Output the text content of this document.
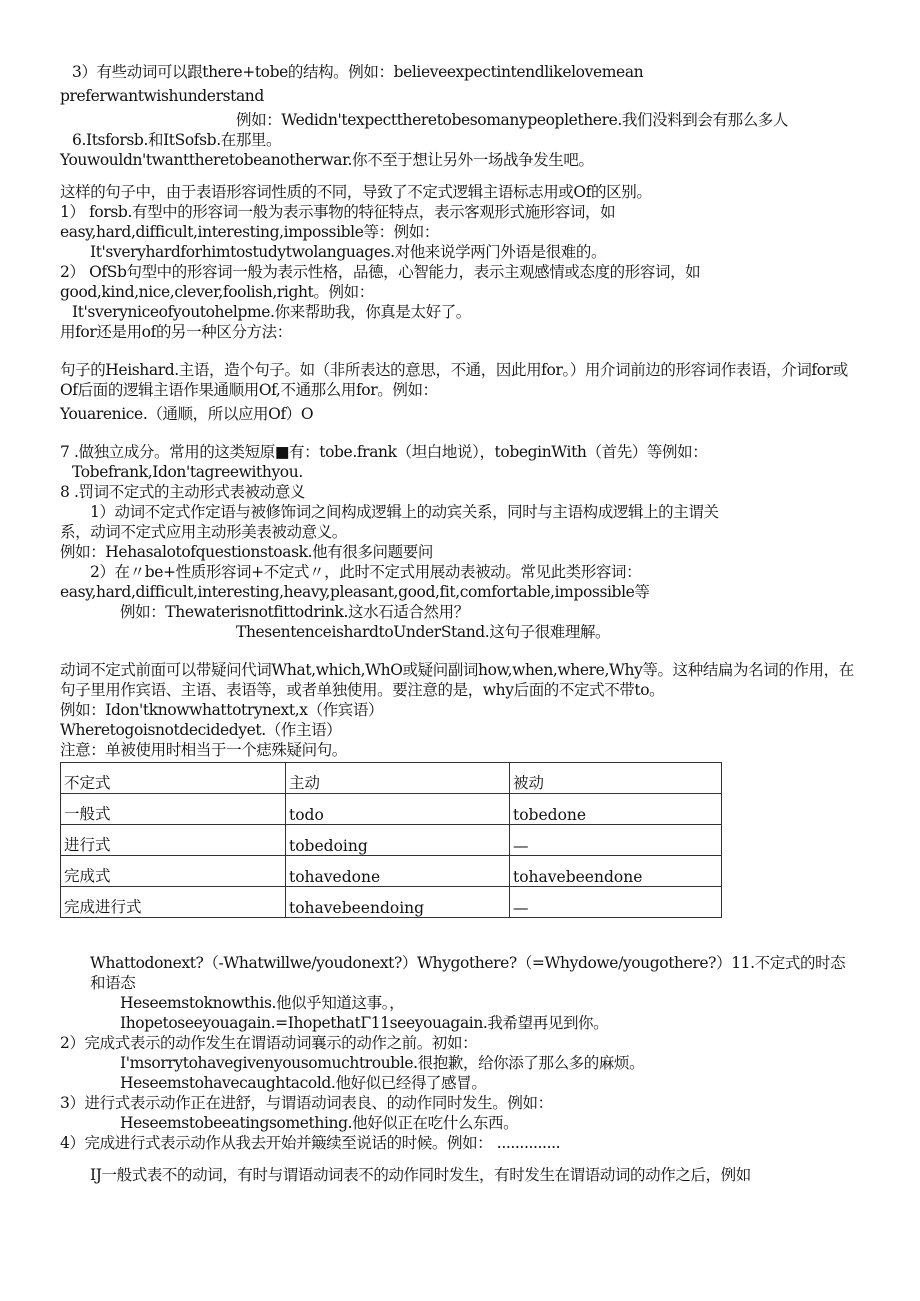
3）有些动词可以跟there+tobe的结构。例如：believeexpectintendlikelovemean
preferwantwishunderstand
例如：Wedidn'texpecttheretobesomanypeoplethere.我们没料到会有那么多人
6.Itsforsb.和ItSofsb.在那里。
Youwouldn'twanttheretobeanotherwar.你不至于想让另外一场战争发生吧。
这样的句子中，由于表语形容词性质的不同，导致了不定式逻辑主语标志用或Of的区别。
1） forsb.有型中的形容词一般为表示事物的特征特点，表示客观形式施形容词，如
easy,hard,difficult,interesting,impossible等：例如：
It'sveryhardforhimtostudytwolanguages.对他来说学两门外语是很难的。
2） OfSb句型中的形容词一般为表示性格，品德，心智能力，表示主观感情或态度的形容词，如
good,kind,nice,clever,foolish,right。例如：
It'sveryniceofyoutohelpme.你来帮助我，你真是太好了。
用for还是用of的另一种区分方法：
句子的Heishard.主语，造个句子。如（非所表达的意思，不通，因此用for。）用介词前边的形容词作表语，介词for或Of后面的逻辑主语作果通顺用Of,不通那么用for。例如：
Youarenice.（通顺，所以应用Of）O
7 .做独立成分。常用的这类短原■有：tobe.frank（坦白地说），tobeginWith（首先）等例如：
Tobefrank,Idon'tagreewithyou.
8 .罚词不定式的主动形式表被动意义
1）动词不定式作定语与被修饰词之间构成逻辑上的动宾关系，同时与主语构成逻辑上的主谓关
系，动词不定式应用主动形美表被动意义。
例如：Hehasalotofquestionstoask.他有很多问题要问
2）在〃be+性质形容词+不定式〃，此时不定式用展动表被动。常见此类形容词：
easy,hard,difficult,interesting,heavy,pleasant,good,fit,comfortable,impossible等
例如：Thewaterisnotfittodrink.这水石适合然用？
ThesentenceishardtoUnderStand.这句子很难理解。
动词不定式前面可以带疑问代词What,which,WhO或疑问副词how,when,where,Why等。这种结扁为名词的作用，在句子里用作宾语、主语、表语等，或者单独使用。要注意的是，why后面的不定式不带to。
例如：Idon'tknowwhattotrynext,x（作宾语）
Wheretogoisnotdecidedyet.（作主语）
注意：单被使用时相当于一个痣殊疑问句。
不定式	主动	被动
一般式	todo	tobedone
进行式	tobedoing	—
完成式	tohavedone	tohavebeendone
完成进行式	tohavebeendoing	—
Whattodonext?（-Whatwillwe/youdonext?）Whygothere?（=Whydowe/yougothere?）11.不定式的时态和语态
Heseemstoknowthis.他似乎知道这事。，
Ihopetoseeyouagain.=IhopethatΓ11seeyouagain.我希望再见到你。
2）完成式表示的动作发生在谓语动词襄示的动作之前。初如：
I'msorrytohavegivenyousomuchtrouble.很抱歉，给你添了那么多的麻烦。
Heseemstohavecaughtacold.他好似已经得了感冒。
3）进行式表示动作正在进舒，与谓语动词表良、的动作同时发生。例如：
Heseemstobeeatingsomething.他好似正在吃什么东西。
4）完成进行式表示动作从我去开始并簸续至说话的时候。例如： ..............
IJ一般式表不的动词，有时与谓语动词表不的动作同时发生，有时发生在谓语动词的动作之后，例如
